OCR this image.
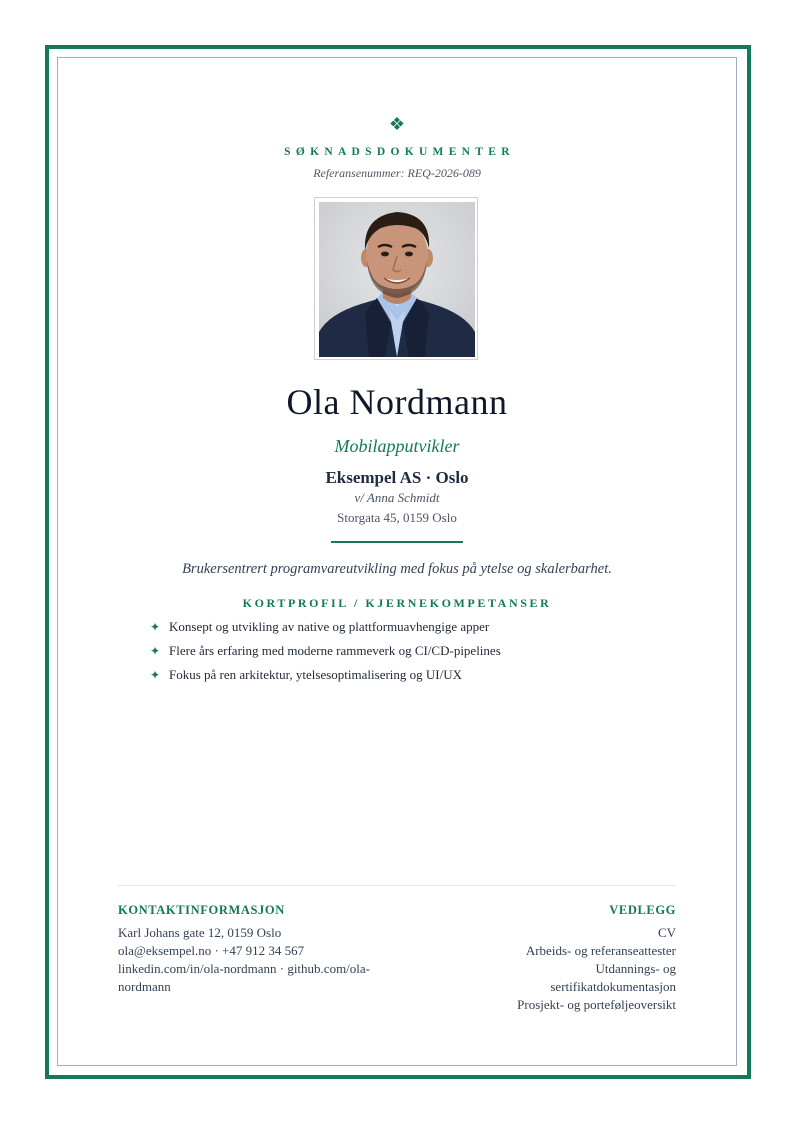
❖
SØKNADSDOKUMENTER
Referansenummer: REQ-2026-089
Ola Nordmann
Mobilapputvikler
Eksempel AS · Oslo
v/ Anna Schmidt
Storgata 45, 0159 Oslo
Brukersentrert programvareutvikling med fokus på ytelse og skalerbarhet.
KORTPROFIL / KJERNEKOMPETANSER
✦ Konsept og utvikling av native og plattformuavhengige apper
✦ Flere års erfaring med moderne rammeverk og CI/CD-pipelines
✦ Fokus på ren arkitektur, ytelsesoptimalisering og UI/UX
KONTAKTINFORMASJON
Karl Johans gate 12, 0159 Oslo
ola@eksempel.no · +47 912 34 567
linkedin.com/in/ola-nordmann · github.com/ola-
nordmann
VEDLEGG
CV
Arbeids- og referanseattester
Utdannings- og
sertifikatdokumentasjon
Prosjekt- og porteføljeoversikt
